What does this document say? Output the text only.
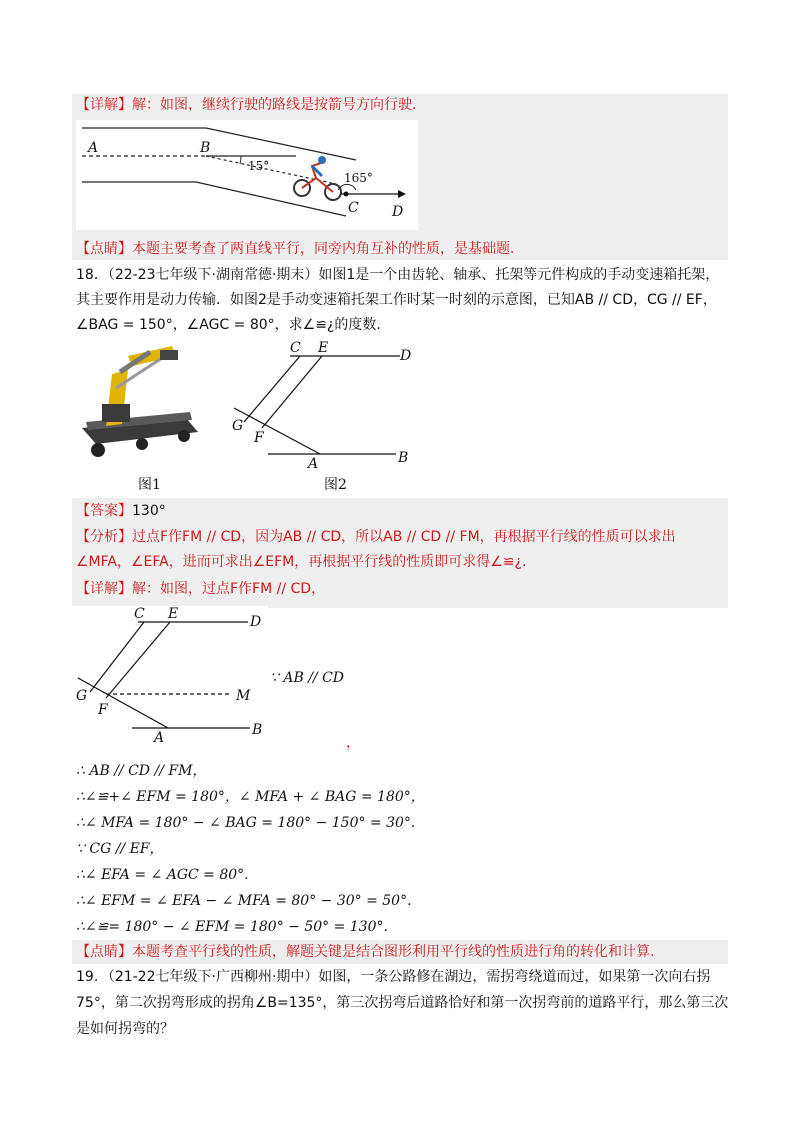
【详解】解：如图，继续行驶的路线是按箭号方向行驶.
A	B
15°
165°
C D
【点睛】本题主要考查了两直线平行，同旁内角互补的性质，是基础题.
18．（22-23七年级下·湖南常德·期末）如图1是一个由齿轮、轴承、托架等元件构成的手动变速箱托架，
其主要作用是动力传输．如图2是手动变速箱托架工作时某一时刻的示意图，已知AB // CD，CG // EF，
∠BAG = 150°，∠AGC = 80°，求∠≌¿的度数.
图1
C E	D
G
F
A	B
图2
【答案】130°
【分析】过点F作FM // CD，因为AB // CD，所以AB // CD // FM，再根据平行线的性质可以求出
∠MFA，∠EFA，进而可求出∠EFM，再根据平行线的性质即可求得∠≌¿.
【详解】解：如图，过点F作FM // CD，
C E	D
G
F
M
A	B
∵ AB // CD
，
∴ AB // CD // FM，
∴∠≌+∠ EFM = 180°，∠ MFA + ∠ BAG = 180°，
∴∠ MFA = 180° − ∠ BAG = 180° − 150° = 30°.
∵ CG // EF，
∴∠ EFA = ∠ AGC = 80°.
∴∠ EFM = ∠ EFA − ∠ MFA = 80° − 30° = 50°.
∴∠≌= 180° − ∠ EFM = 180° − 50° = 130°.
【点睛】本题考查平行线的性质，解题关键是结合图形利用平行线的性质进行角的转化和计算.
19．（21-22七年级下·广西柳州·期中）如图，一条公路修在湖边，需拐弯绕道而过，如果第一次向右拐
75°，第二次拐弯形成的拐角∠B=135°，第三次拐弯后道路恰好和第一次拐弯前的道路平行，那么第三次
是如何拐弯的？
